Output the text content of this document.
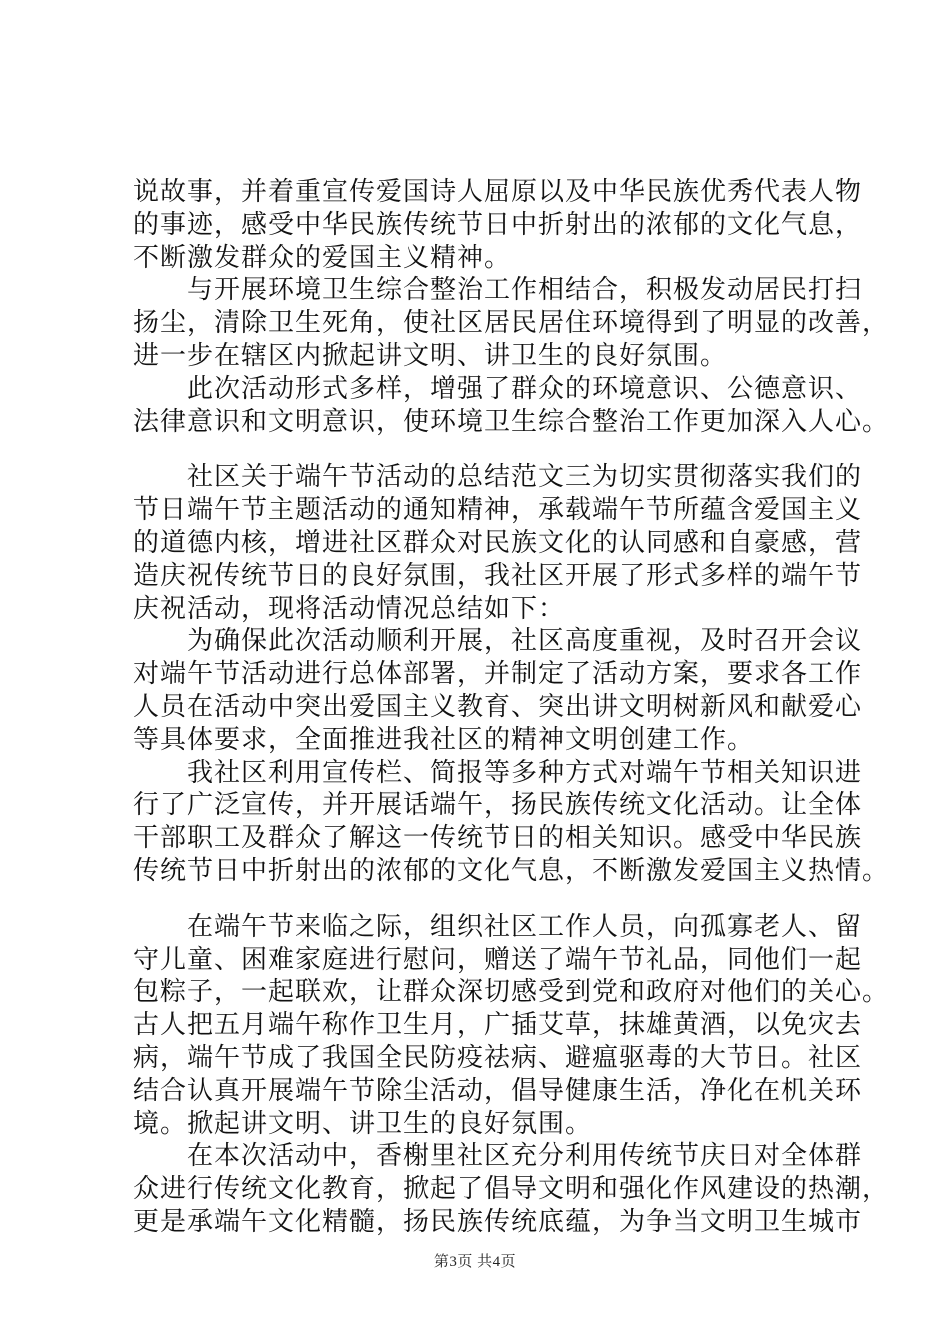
说故事，并着重宣传爱国诗人屈原以及中华民族优秀代表人物
的事迹，感受中华民族传统节日中折射出的浓郁的文化气息，
不断激发群众的爱国主义精神。
　　与开展环境卫生综合整治工作相结合，积极发动居民打扫
扬尘，清除卫生死角，使社区居民居住环境得到了明显的改善，
进一步在辖区内掀起讲文明、讲卫生的良好氛围。
　　此次活动形式多样，增强了群众的环境意识、公德意识、
法律意识和文明意识，使环境卫生综合整治工作更加深入人心。
　　社区关于端午节活动的总结范文三为切实贯彻落实我们的
节日端午节主题活动的通知精神，承载端午节所蕴含爱国主义
的道德内核，增进社区群众对民族文化的认同感和自豪感，营
造庆祝传统节日的良好氛围，我社区开展了形式多样的端午节
庆祝活动，现将活动情况总结如下：
　　为确保此次活动顺利开展，社区高度重视，及时召开会议
对端午节活动进行总体部署，并制定了活动方案，要求各工作
人员在活动中突出爱国主义教育、突出讲文明树新风和献爱心
等具体要求，全面推进我社区的精神文明创建工作。
　　我社区利用宣传栏、简报等多种方式对端午节相关知识进
行了广泛宣传，并开展话端午，扬民族传统文化活动。让全体
干部职工及群众了解这一传统节日的相关知识。感受中华民族
传统节日中折射出的浓郁的文化气息，不断激发爱国主义热情。
　　在端午节来临之际，组织社区工作人员，向孤寡老人、留
守儿童、困难家庭进行慰问，赠送了端午节礼品，同他们一起
包粽子，一起联欢，让群众深切感受到党和政府对他们的关心。
古人把五月端午称作卫生月，广插艾草，抹雄黄酒，以免灾去
病，端午节成了我国全民防疫祛病、避瘟驱毒的大节日。社区
结合认真开展端午节除尘活动，倡导健康生活，净化在机关环
境。掀起讲文明、讲卫生的良好氛围。
　　在本次活动中，香榭里社区充分利用传统节庆日对全体群
众进行传统文化教育，掀起了倡导文明和强化作风建设的热潮，
更是承端午文化精髓，扬民族传统底蕴，为争当文明卫生城市
第3页 共4页
